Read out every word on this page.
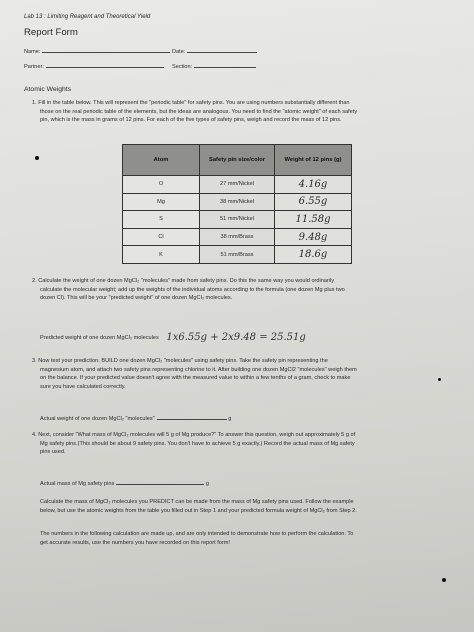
Lab 13 : Limiting Reagent and Theoretical Yield
Report Form
Name:	Date:
Partner:	Section:
Atomic Weights
1. Fill in the table below. This will represent the "periodic table" for safety pins. You are using numbers substantially different than
those on the real periodic table of the elements, but the ideas are analogous. You need to find the "atomic weight" of each safety
pin, which is the mass in grams of 12 pins. For each of the five types of safety pins, weigh and record the mass of 12 pins.
Atom	Safety pin size/color	Weight of 12 pins (g)
O	27 mm/Nickel	4.16g
Mg	38 mm/Nickel	6.55g
S	51 mm/Nickel	11.58g
Cl	38 mm/Brass	9.48g
K	51 mm/Brass	18.6g
2. Calculate the weight of one dozen MgCl₂ "molecules" made from safety pins. Do this the same way you would ordinarily
calculate the molecular weight; add up the weights of the individual atoms according to the formula (one dozen Mg plus two
dozen Cl). This will be your "predicted weight" of one dozen MgCl₂ molecules.
Predicted weight of one dozen MgCl₂ molecules 1x6.55g + 2x9.48 = 25.51g
3. Now test your prediction. BUILD one dozen MgCl₂ "molecules" using safety pins. Take the safety pin representing the
magnesium atom, and attach two safety pins representing chlorine to it. After building one dozen MgCl2 "molecules" weigh them
on the balance. If your predicted value doesn't agree with the measured value to within a few tenths of a gram, check to make
sure you have calculated correctly.
Actual weight of one dozen MgCl₂ "molecules"	g
4. Next, consider "What mass of MgCl₂ molecules will 5 g of Mg produce?" To answer this question, weigh out approximately 5 g of
Mg safety pins.(This should be about 9 safety pins. You don't have to achieve 5 g exactly.) Record the actual mass of Mg safety
pins used.
Actual mass of Mg safety pins	g
Calculate the mass of MgCl₂ molecules you PREDICT can be made from the mass of Mg safety pins used. Follow the example
below, but use the atomic weights from the table you filled out in Step 1 and your predicted formula weight of MgCl₂ from Step 2.
The numbers in the following calculation are made up, and are only intended to demonstrate how to perform the calculation. To
get accurate results, use the numbers you have recorded on this report form!
